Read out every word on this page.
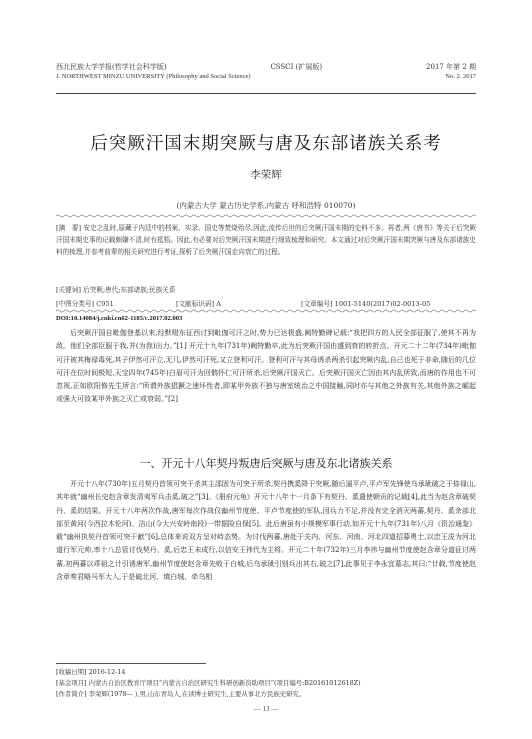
西北民族大学学报(哲学社会科学版)	CSSCI (扩展版)	2017 年第 2 期
J. NORTHWEST MINZU UNIVERSITY (Philosophy and Social Science)	No. 2. 2017
后突厥汗国末期突厥与唐及东部诸族关系考
李荣辉
(内蒙古大学 蒙古历史学系,内蒙古 呼和浩特 010070)
[摘　要] 安史之乱时,原藏于内廷中的档案、实录、国史等焚烧殆尽,因此,流传后世的后突厥汗国末期的史料不多。再者,两《唐书》等关于后突厥汗国末期史事的记载颇嫌不清,时有抵牾。因此,有必要对后突厥汗国末期进行细致梳理和研究。本文通过对后突厥汗国末期突厥与唐及东部诸族史料的梳理,并参考前辈的相关研究进行考证,探析了后突厥汗国走向衰亡的过程。
[关键词] 后突厥;唐代;东部诸族;民族关系
[中图分类号] C951	[文献标识码] A	[文章编号] 1001-5140(2017)02-0013-05
DOI:10.14084/j.cnki.cn62-1185/c.2017.02.003
后突厥汗国自毗伽登基以来,经默啜东征西讨到毗伽可汗之时,势力已达极盛,阙特勤碑记载:“我把四方的人民全部征服了,使其不再为敌。他们全部臣服于我,并(为我)出力。”[1] 开元十九年(731年)阙特勤卒,此为后突厥汗国由盛到衰的转折点。开元二十二年(734年)毗伽可汗被其梅禄毒死,其子伊然可汗立,无几,伊然可汗死,又立登利可汗。登利可汗与其母诱杀两杀引起突厥内乱,自己也死于非命,随后的几位可汗在位时间极短,天宝四年(745年)白眉可汗为回鹘怀仁可汗所杀,后突厥汗国灭亡。后突厥汗国灭亡因由其内乱所致,而唐的作用也不可忽视,正如欧阳修先生所言:“所谓外族猖獗之速坏性者,即某甲外族不独与唐室统治之中国接触,同时亦与其他之外族有关,其他外族之崛起或强大可致某甲外族之灭亡或衰弱。”[2]
一、开元十八年契丹叛唐后突厥与唐及东北诸族关系
开元十八年(730年)五月契丹首领可突干杀其主邵固为可突于所杀,契丹携奚降于突厥,随后逼平卢,平卢军先锋使乌承玼破之于捺禄山,其年就“幽州长史赵含章发清夷军兵击奚,破之”[3]。《册府元龟》开元十八年十一月条下有契丹、奚遣使朝贡的记载[4],此当为赵含章破契丹、奚的结果。开元十八年两次作战,唐军每次作战仅幽州节度使、平卢节度使的军队,因兵力不足,并没有完全消灭两蕃,契丹、奚余部北部至黄河(今西拉木伦河)、洁山(今大兴安岭南段)一带据险自保[5]。此后唐虽有小规模军事行动,如开元十九年(731年)八月《资治通鉴》载“幽州执契丹首领可突干献”[6],总体来说双方呈对峙态势。为讨伐两蕃,唐赴于关内、河东、河南、河北四道招募勇士,以忠王浚为河北道行军元帅,率十八总管讨伐契丹、奚,后忠王未成行,以信安王祎代为主将。开元二十年(732年)三月李祎与幽州节度使赵含章分道征讨两蕃,初两蕃以乖祖之计引诱唐军,幽州节度使赵含章先败于白城,后乌承玼引别兵出其右,破之[7],此事见于李永宜墓志,其曰:“廿载,节度使赵含章奏君略马军大入,于是破北河、填白城、牵乌相
[收稿日期] 2016-12-14
[基金项目] 内蒙古自治区教育厅项目“内蒙古自治区研究生科研创新资助项目”(项目编号:B20161012618Z)
[作者简介] 李荣辉(1978— ),男,山东青岛人,在读博士研究生,主要从事北方民族史研究。
— 13 —
